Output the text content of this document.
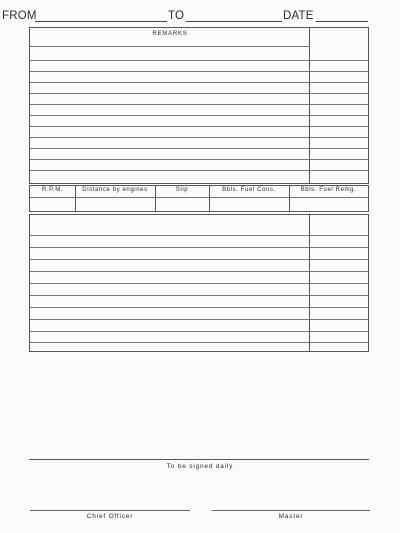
FROM	TO	DATE
REMARKS
R.P.M.	Distance by engines	Slip	Bbls. Fuel Cons.	Bbls. Fuel Remg.
To be signed daily
Chief Officer	Master
